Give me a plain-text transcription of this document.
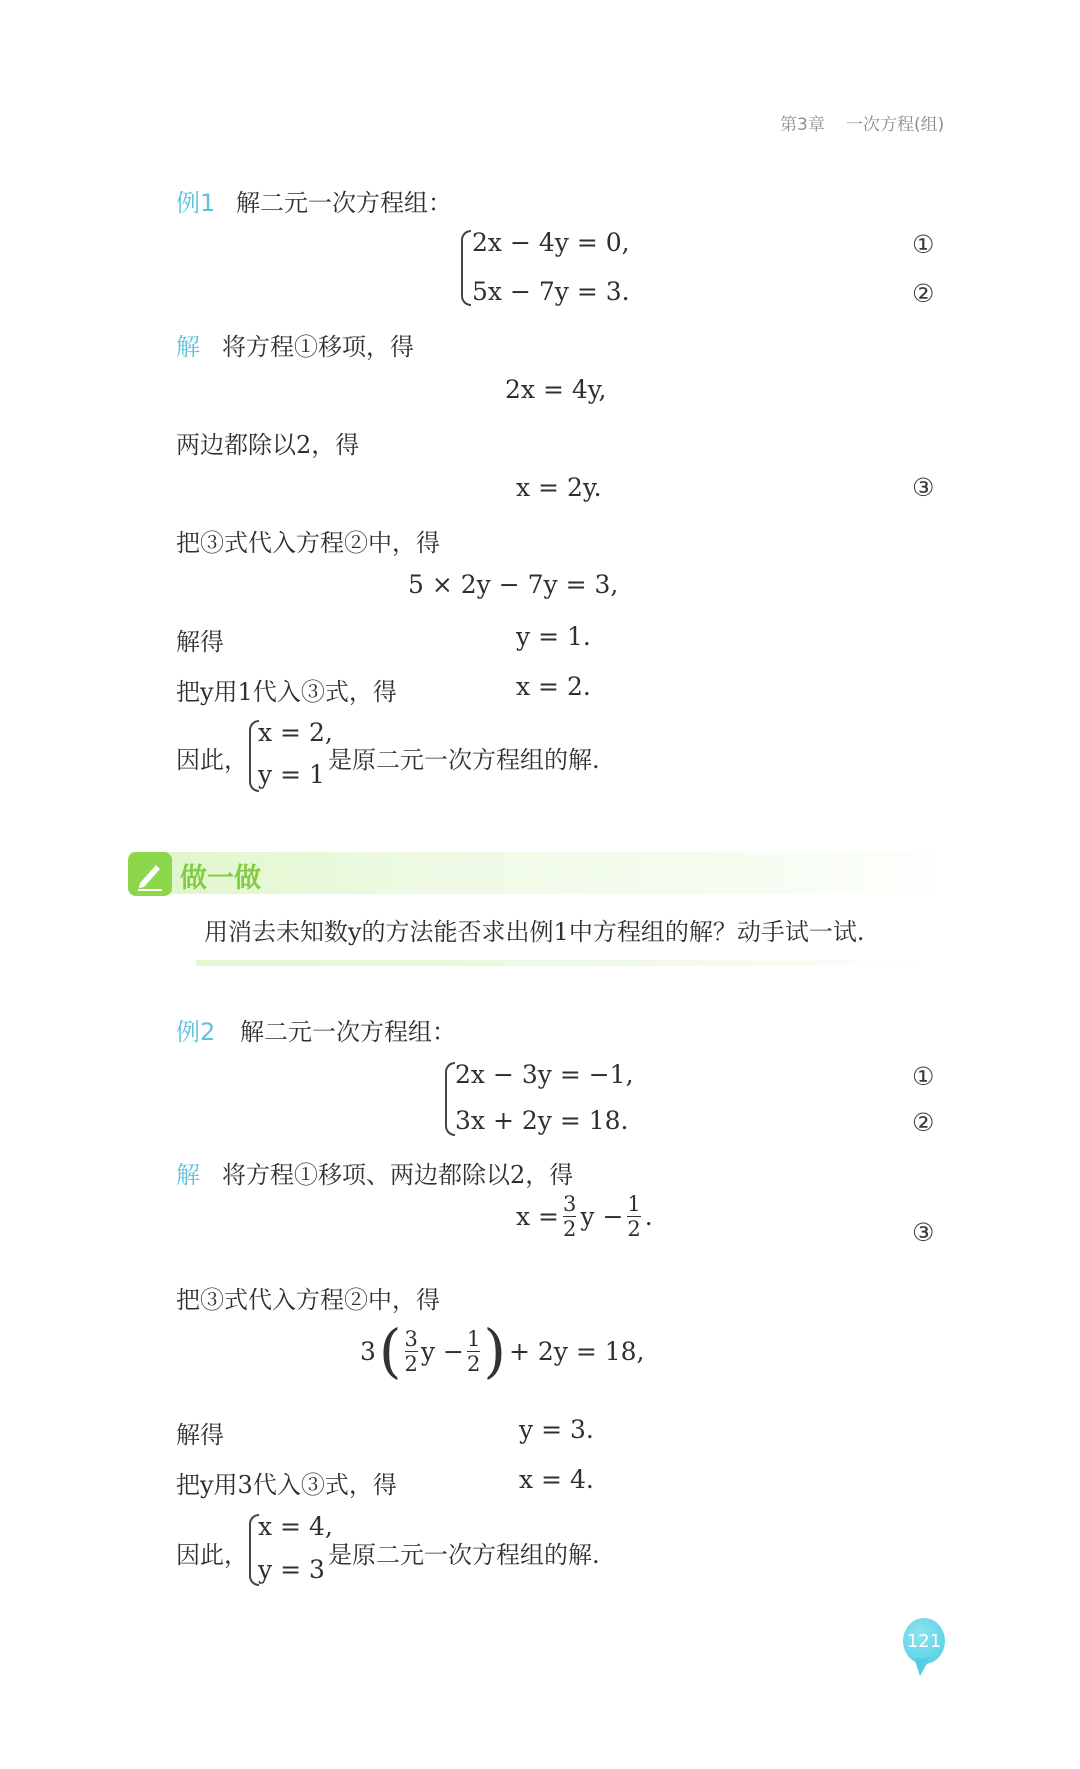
第3章 一次方程(组)
例1 解二元一次方程组：
2x − 4y = 0,
5x − 7y = 3.
①
②
解 将方程①移项，得
2x = 4y,
两边都除以2，得
x = 2y.	③
把③式代入方程②中，得
5 × 2y − 7y = 3,
解得	y = 1.
把y用1代入③式，得	x = 2.
因此，
x = 2,
y = 1 是原二元一次方程组的解.
做一做
用消去未知数y的方法能否求出例1中方程组的解？动手试一试.
例2 解二元一次方程组：
2x − 3y = −1,
3x + 2y = 18.
①
②
解 将方程①移项、两边都除以2，得
$x = \frac{3}{2}$ $y - \frac{1}{2}$ .
③
把③式代入方程②中，得
3 ( $\frac{3}{2}$ $y - \frac{1}{2}$ ) + 2y = 18,
解得	y = 3.
把y用3代入③式，得	x = 4.
因此，
x = 4,
y = 3 是原二元一次方程组的解.
121
